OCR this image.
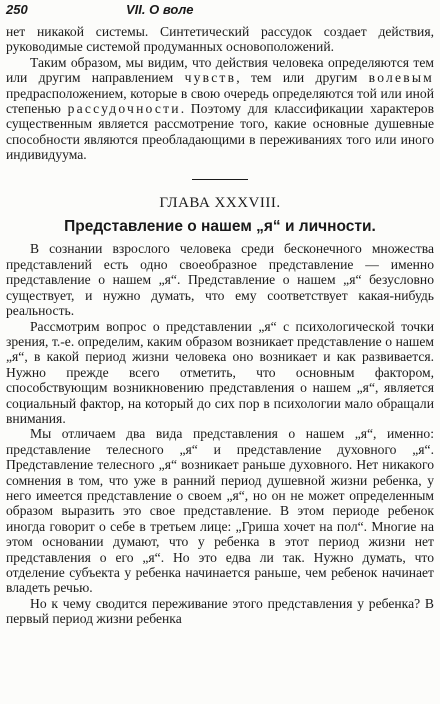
250	VII. О воле

нет никакой системы. Синтетический рассудок создает действия, руководимые системой продуманных основоположений.

Таким образом, мы видим, что действия человека определяются тем или другим направлением чувств, тем или другим волевым предрасположением, которые в свою очередь определяются той или иной степенью рассудочности. Поэтому для классификации характеров существенным является рассмотрение того, какие основные душевные способности являются преобладающими в переживаниях того или иного индивидуума.

ГЛАВА XXXVIII.
Представление о нашем „я“ и личности.

В сознании взрослого человека среди бесконечного множества представлений есть одно своеобразное представление — именно представление о нашем „я“. Представление о нашем „я“ безусловно существует, и нужно думать, что ему соответствует какая-нибудь реальность.

Рассмотрим вопрос о представлении „я“ с психологической точки зрения, т.-е. определим, каким образом возникает представление о нашем „я“, в какой период жизни человека оно возникает и как развивается. Нужно прежде всего отметить, что основным фактором, способствующим возникновению представления о нашем „я“, является социальный фактор, на который до сих пор в психологии мало обращали внимания.

Мы отличаем два вида представления о нашем „я“, именно: представление телесного „я“ и представление духовного „я“. Представление телесного „я“ возникает раньше духовного. Нет никакого сомнения в том, что уже в ранний период душевной жизни ребенка, у него имеется представление о своем „я“, но он не может определенным образом выразить это свое представление. В этом периоде ребенок иногда говорит о себе в третьем лице: „Гриша хочет на пол“. Многие на этом основании думают, что у ребенка в этот период жизни нет представления о его „я“. Но это едва ли так. Нужно думать, что отделение субъекта у ребенка начинается раньше, чем ребенок начинает владеть речью.

Но к чему сводится переживание этого представления у ребенка? В первый период жизни ребенка
